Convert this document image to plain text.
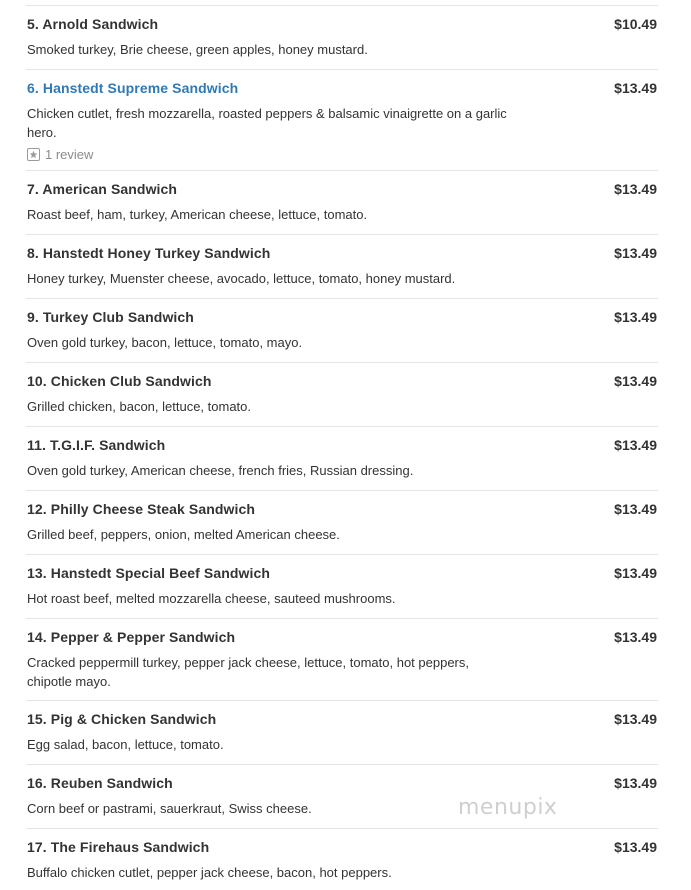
5. Arnold Sandwich	$10.49
Smoked turkey, Brie cheese, green apples, honey mustard.
6. Hanstedt Supreme Sandwich	$13.49
Chicken cutlet, fresh mozzarella, roasted peppers & balsamic vinaigrette on a garlic hero.
1 review
7. American Sandwich	$13.49
Roast beef, ham, turkey, American cheese, lettuce, tomato.
8. Hanstedt Honey Turkey Sandwich	$13.49
Honey turkey, Muenster cheese, avocado, lettuce, tomato, honey mustard.
9. Turkey Club Sandwich	$13.49
Oven gold turkey, bacon, lettuce, tomato, mayo.
10. Chicken Club Sandwich	$13.49
Grilled chicken, bacon, lettuce, tomato.
11. T.G.I.F. Sandwich	$13.49
Oven gold turkey, American cheese, french fries, Russian dressing.
12. Philly Cheese Steak Sandwich	$13.49
Grilled beef, peppers, onion, melted American cheese.
13. Hanstedt Special Beef Sandwich	$13.49
Hot roast beef, melted mozzarella cheese, sauteed mushrooms.
14. Pepper & Pepper Sandwich	$13.49
Cracked peppermill turkey, pepper jack cheese, lettuce, tomato, hot peppers, chipotle mayo.
15. Pig & Chicken Sandwich	$13.49
Egg salad, bacon, lettuce, tomato.
16. Reuben Sandwich	$13.49
Corn beef or pastrami, sauerkraut, Swiss cheese.
17. The Firehaus Sandwich	$13.49
Buffalo chicken cutlet, pepper jack cheese, bacon, hot peppers.
menupix
